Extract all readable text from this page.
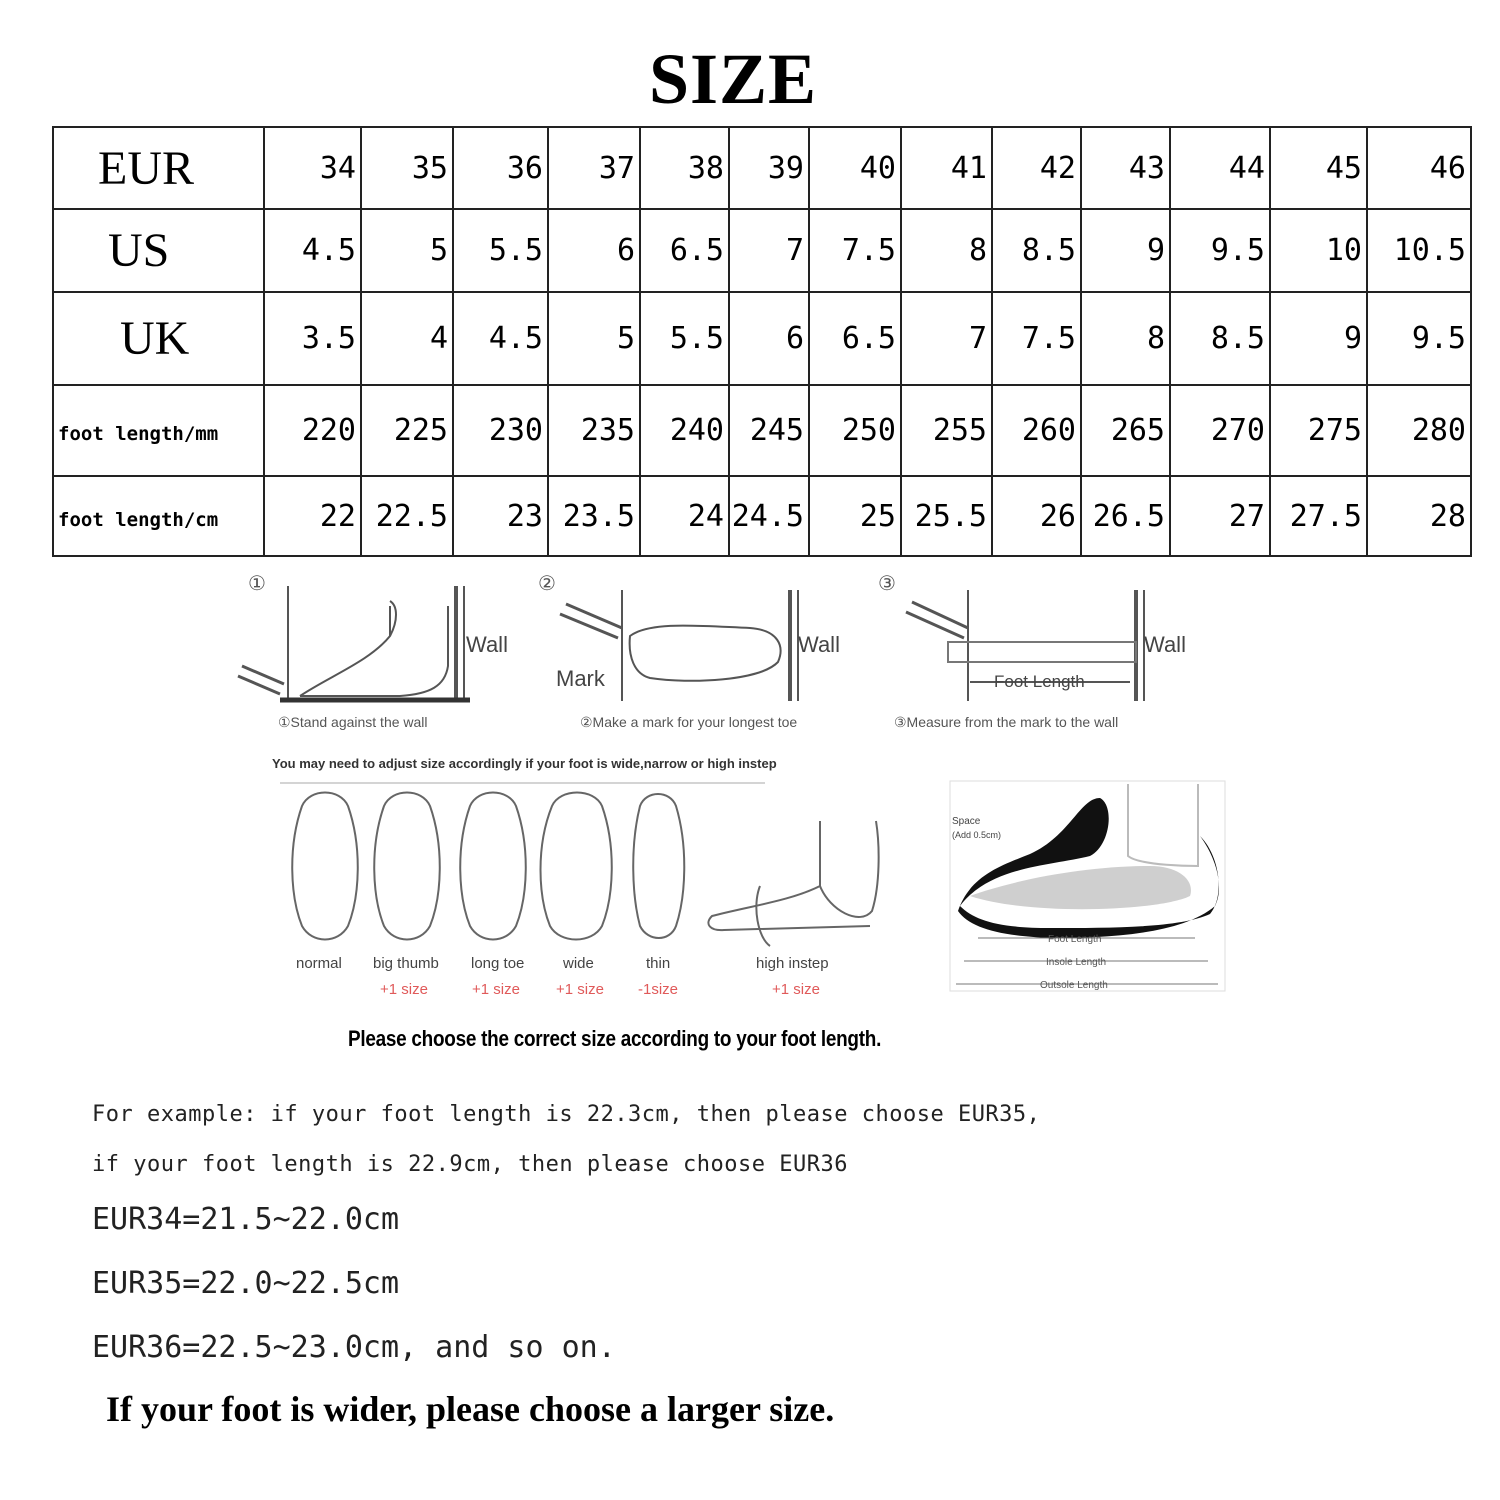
SIZE
EUR	34	35	36	37	38	39	40	41	42	43	44	45	46
US	4.5	5	5.5	6	6.5	7	7.5	8	8.5	9	9.5	10	10.5
UK	3.5	4	4.5	5	5.5	6	6.5	7	7.5	8	8.5	9	9.5
foot length/mm	220	225	230	235	240	245	250	255	260	265	270	275	280
foot length/cm	22	22.5	23	23.5	24	24.5	25	25.5	26	26.5	27	27.5	28
①
Wall
①Stand against the wall
②
Mark
Wall
②Make a mark for your longest toe
③
Foot Length
Wall
③Measure from the mark to the wall
You may need to adjust size accordingly if your foot is wide,narrow or high instep
normal big thumb long toe	wide	thin	high instep
+1 size	+1 size +1 size -1size	+1 size
Space
(Add 0.5cm)
Foot Length
Insole Length
Outsole Length
Please choose the correct size according to your foot length.
For example: if your foot length is 22.3cm, then please choose EUR35,
if your foot length is 22.9cm, then please choose EUR36
EUR34=21.5~22.0cm
EUR35=22.0~22.5cm
EUR36=22.5~23.0cm, and so on.
If your foot is wider, please choose a larger size.
